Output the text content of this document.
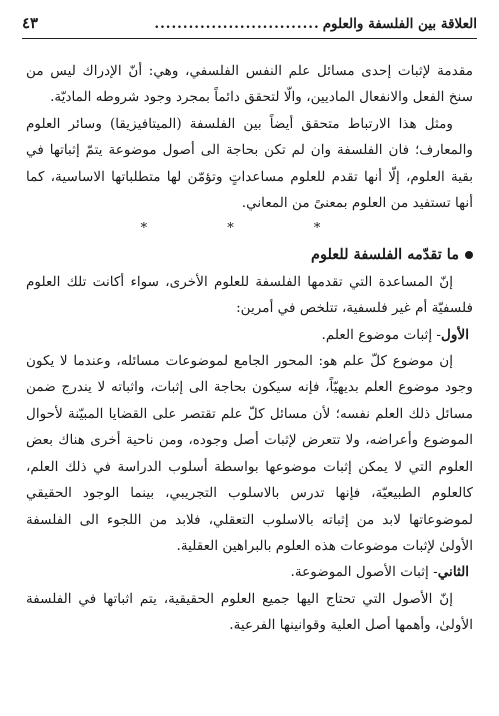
العلاقة بين الفلسفة والعلوم
.............................
٤٣

مقدمة لإثبات إحدى مسائل علم النفس الفلسفي، وهي: أنّ الإدراك ليس من سنخ الفعل والانفعال الماديين، والّا لتحقق دائماً بمجرد وجود شروطه الماديّة.

ومثل هذا الارتباط متحقق أيضاً بين الفلسفة (الميتافيزيقا) وسائر العلوم والمعارف؛ فان الفلسفة وان لم تكن بحاجة الى أصول موضوعة يتمّ إثباتها في بقية العلوم، إلّا أنها تقدم للعلوم مساعداتٍ وتؤمّن لها متطلباتها الاساسية، كما أنها تستفيد من العلوم بمعنىً من المعاني.

* * *

ما تقدّمه الفلسفة للعلوم

إنّ المساعدة التي تقدمها الفلسفة للعلوم الأخرى، سواء أكانت تلك العلوم فلسفيّة أم غير فلسفية، تتلخص في أمرين:

الأول- إثبات موضوع العلم.

إن موضوع كلّ علم هو: المحور الجامع لموضوعات مسائله، وعندما لا يكون وجود موضوع العلم بديهيّاً، فإنه سيكون بحاجة الى إثبات، واثباته لا يندرج ضمن مسائل ذلك العلم نفسه؛ لأن مسائل كلّ علم تقتصر على القضايا المبيّنة لأحوال الموضوع وأعراضه، ولا تتعرض لإثبات أصل وجوده، ومن ناحية أخرى هناك بعض العلوم التي لا يمكن إثبات موضوعها بواسطة أسلوب الدراسة في ذلك العلم، كالعلوم الطبيعيّة، فإنها تدرس بالاسلوب التجريبي، بينما الوجود الحقيقي لموضوعاتها لابد من إثباته بالاسلوب التعقلي، فلابد من اللجوء الى الفلسفة الأولىٰ لإثبات موضوعات هذه العلوم بالبراهين العقلية.

الثاني- إثبات الأصول الموضوعة.

إنّ الأصول التي تحتاج اليها جميع العلوم الحقيقية، يتم اثباتها في الفلسفة الأولىٰ، وأهمها أصل العلية وقوانينها الفرعية.
